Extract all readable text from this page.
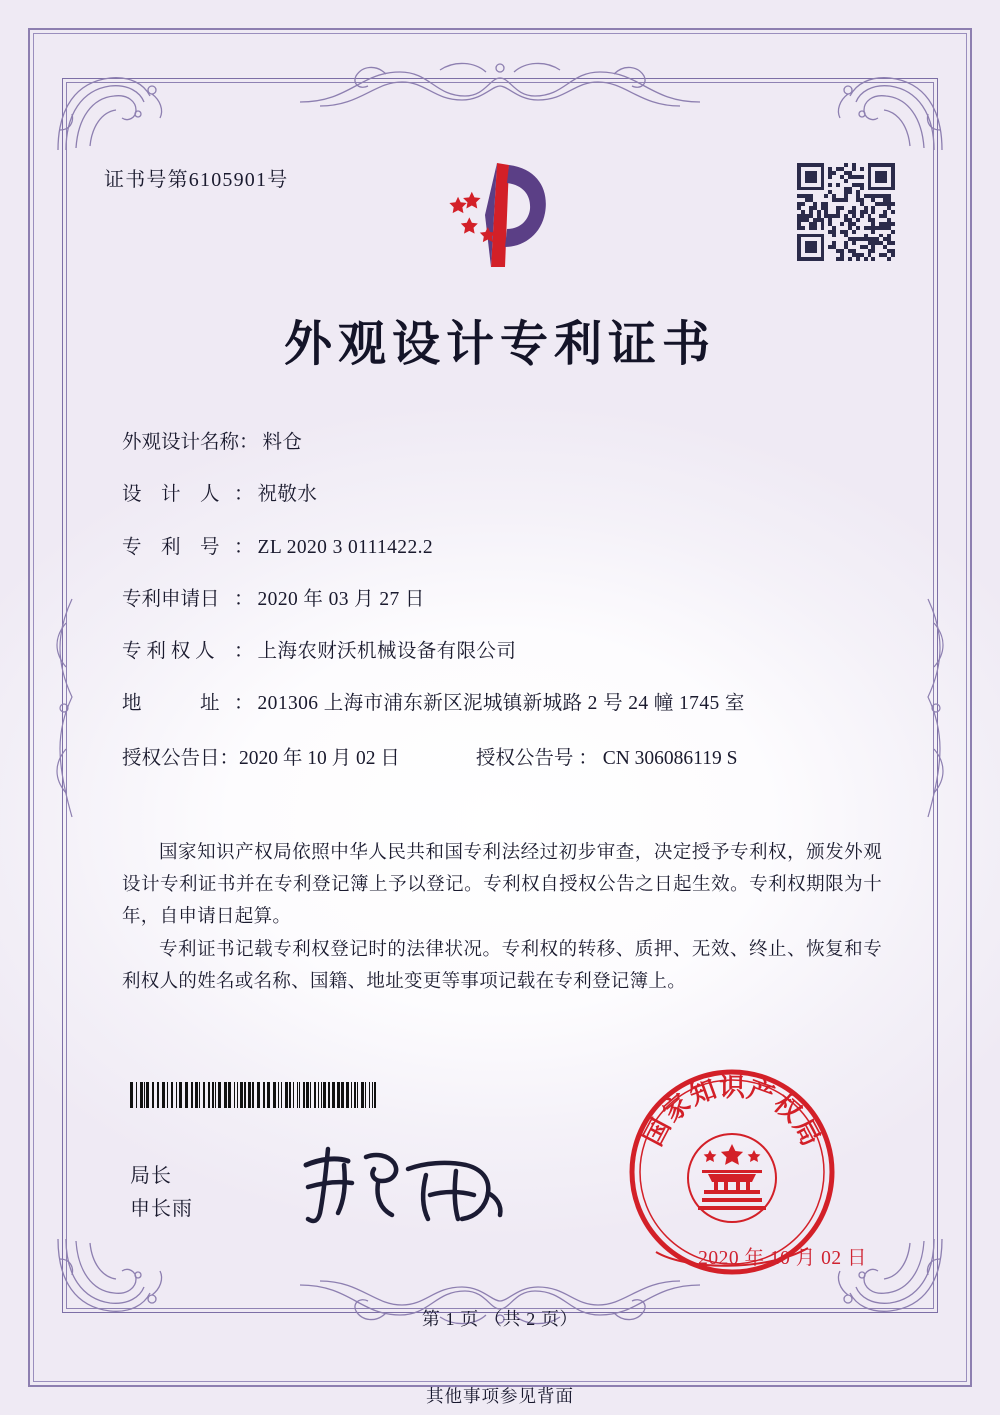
证书号第6105901号
外观设计专利证书
外观设计名称 ： 料仓
设　计　人 ： 祝敬水
专　利　号 ： ZL 2020 3 0111422.2
专利申请日 ： 2020 年 03 月 27 日
专 利 权 人 ： 上海农财沃机械设备有限公司
地　　　址 ： 201306 上海市浦东新区泥城镇新城路 2 号 24 幢 1745 室
授权公告日 ： 2020 年 10 月 02 日	授权公告号 ： CN 306086119 S

国家知识产权局依照中华人民共和国专利法经过初步审查，决定授予专利权，颁发外观设计专利证书并在专利登记簿上予以登记。专利权自授权公告之日起生效。专利权期限为十年，自申请日起算。

专利证书记载专利权登记时的法律状况。专利权的转移、质押、无效、终止、恢复和专利权人的姓名或名称、国籍、地址变更等事项记载在专利登记簿上。

局长
申长雨
国
家
知
识
产
权
局
2020 年 10 月 02 日
第 1 页 （共 2 页）
其他事项参见背面
